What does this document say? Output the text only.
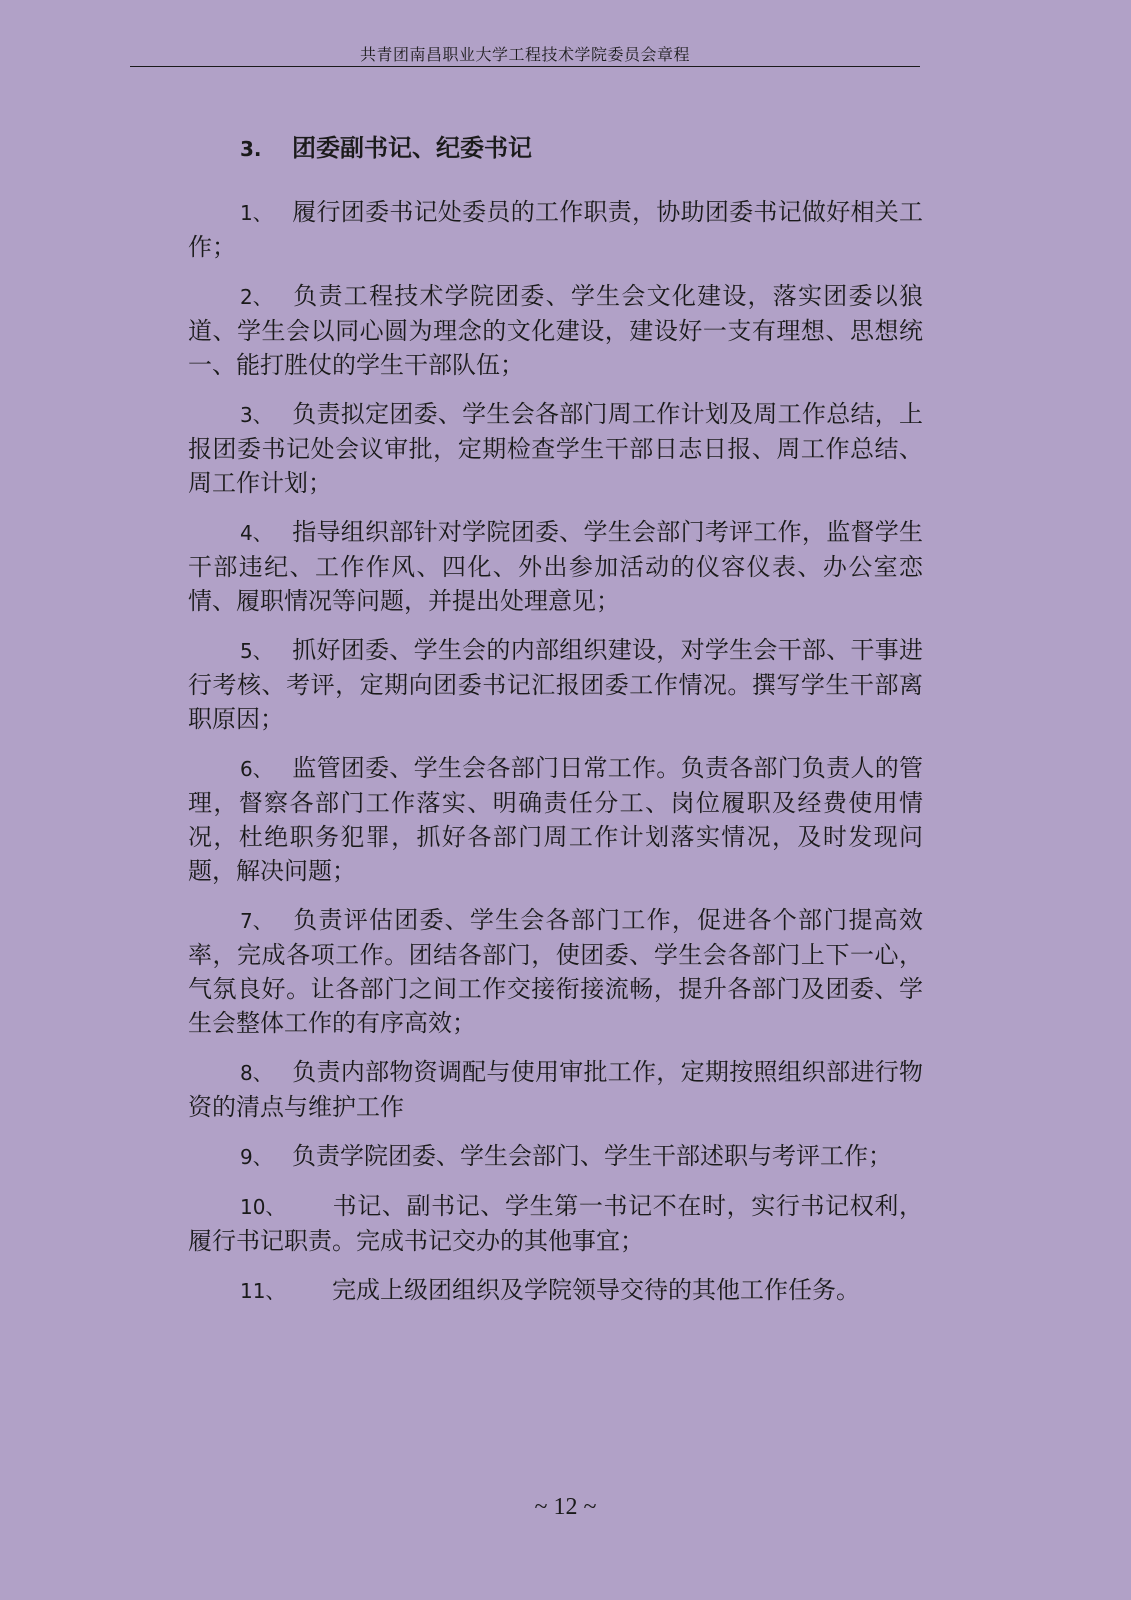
共青团南昌职业大学工程技术学院委员会章程
3. 团委副书记、纪委书记

1、 履行团委书记处委员的工作职责，协助团委书记做好相关工作；

2、 负责工程技术学院团委、学生会文化建设，落实团委以狼道、学生会以同心圆为理念的文化建设，建设好一支有理想、思想统一、能打胜仗的学生干部队伍；

3、 负责拟定团委、学生会各部门周工作计划及周工作总结，上报团委书记处会议审批，定期检查学生干部日志日报、周工作总结、周工作计划；

4、 指导组织部针对学院团委、学生会部门考评工作，监督学生干部违纪、工作作风、四化、外出参加活动的仪容仪表、办公室恋情、履职情况等问题，并提出处理意见；

5、 抓好团委、学生会的内部组织建设，对学生会干部、干事进行考核、考评，定期向团委书记汇报团委工作情况。撰写学生干部离职原因；

6、 监管团委、学生会各部门日常工作。负责各部门负责人的管理，督察各部门工作落实、明确责任分工、岗位履职及经费使用情况，杜绝职务犯罪，抓好各部门周工作计划落实情况，及时发现问题，解决问题；

7、 负责评估团委、学生会各部门工作，促进各个部门提高效率，完成各项工作。团结各部门，使团委、学生会各部门上下一心，气氛良好。让各部门之间工作交接衔接流畅，提升各部门及团委、学生会整体工作的有序高效；

8、 负责内部物资调配与使用审批工作，定期按照组织部进行物资的清点与维护工作

9、 负责学院团委、学生会部门、学生干部述职与考评工作；

10、 书记、副书记、学生第一书记不在时，实行书记权利，履行书记职责。完成书记交办的其他事宜；

11、 完成上级团组织及学院领导交待的其他工作任务。

~ 12 ~
